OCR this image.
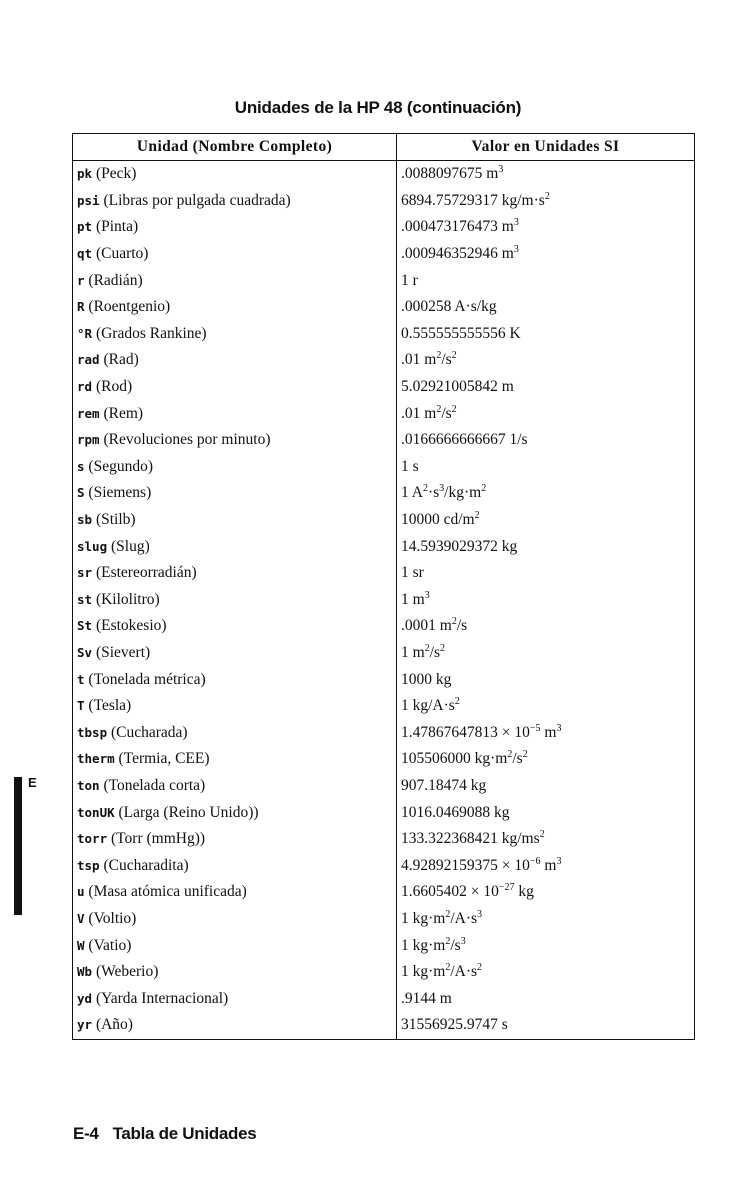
Unidades de la HP 48 (continuación)
Unidad (Nombre Completo)	Valor en Unidades SI
pk (Peck)	.0088097675 $m^3$
psi (Libras por pulgada cuadrada)	6894.75729317 $kg/m\cdot s^2$
pt (Pinta)	.000473176473 $m^3$
qt (Cuarto)	.000946352946 $m^3$
r (Radián)	1 r
R (Roentgenio)	.000258 A·s/kg
°R (Grados Rankine)	0.555555555556 K
rad (Rad)	.01 $m^2/s^2$
rd (Rod)	5.02921005842 m
rem (Rem)	.01 $m^2/s^2$
rpm (Revoluciones por minuto)	.0166666666667 1/s
s (Segundo)	1 s
S (Siemens)	1 $A^2\cdot s^3/kg\cdot m^2$
sb (Stilb)	10000 $cd/m^2$
slug (Slug)	14.5939029372 kg
sr (Estereorradián)	1 sr
st (Kilolitro)	1 $m^3$
St (Estokesio)	.0001 $m^2/s$
Sv (Sievert)	1 $m^2/s^2$
t (Tonelada métrica)	1000 kg
T (Tesla)	1 $kg/A\cdot s^2$
tbsp (Cucharada)	$1.47867647813 \times 10^{-5}$ $m^3$
therm (Termia, CEE)	105506000 $kg\cdot m^2/s^2$
ton (Tonelada corta)	907.18474 kg
tonUK (Larga (Reino Unido))	1016.0469088 kg
torr (Torr (mmHg))	133.322368421 $kg/ms^2$
tsp (Cucharadita)	$4.92892159375 \times 10^{-6}$ $m^3$
u (Masa atómica unificada)	$1.6605402 \times 10^{-27}$ kg
V (Voltio)	1 $kg\cdot m^2/A\cdot s^3$
W (Vatio)	1 $kg\cdot m^2/s^3$
Wb (Weberio)	1 $kg\cdot m^2/A\cdot s^2$
yd (Yarda Internacional)	.9144 m
yr (Año)	31556925.9747 s
E
E-4 Tabla de Unidades
